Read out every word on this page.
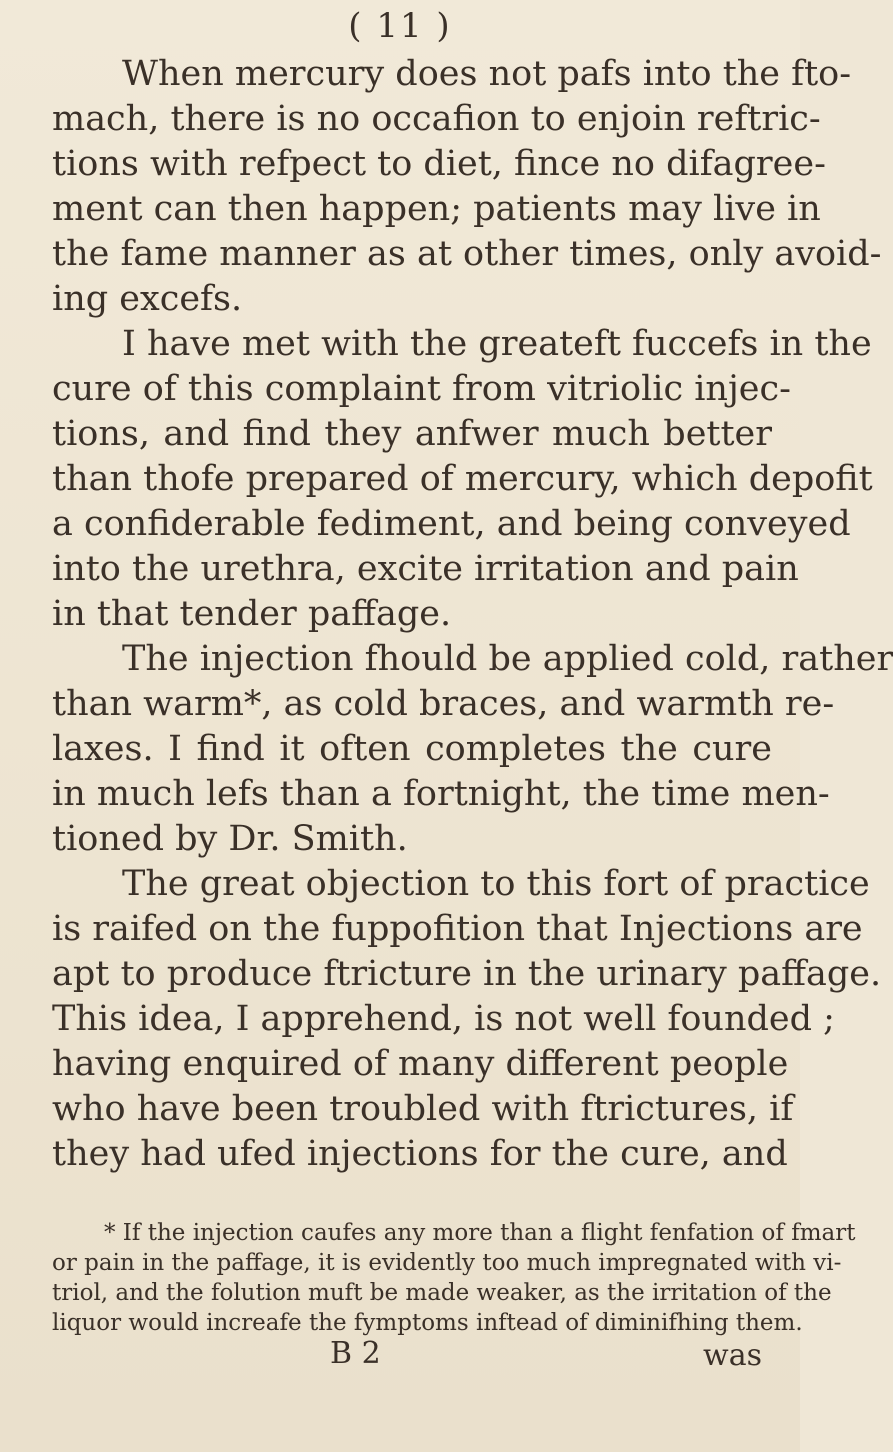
( 11 )
When mercury does not pafs into the fto-
mach, there is no occafion to enjoin reftric-
tions with refpect to diet, fince no difagree-
ment can then happen; patients may live in
the fame manner as at other times, only avoid-
ing excefs.
I have met with the greateft fuccefs in the
cure of this complaint from vitriolic injec-
tions, and find they anfwer much better
than thofe prepared of mercury, which depofit
a confiderable fediment, and being conveyed
into the urethra, excite irritation and pain
in that tender paffage.
The injection fhould be applied cold, rather
than warm*, as cold braces, and warmth re-
laxes. I find it often completes the cure
in much lefs than a fortnight, the time men-
tioned by Dr. Smith.
The great objection to this fort of practice
is raifed on the fuppofition that Injections are
apt to produce ftricture in the urinary paffage.
This idea, I apprehend, is not well founded ;
having enquired of many different people
who have been troubled with ftrictures, if
they had ufed injections for the cure, and
* If the injection caufes any more than a flight fenfation of fmart
or pain in the paffage, it is evidently too much impregnated with vi-
triol, and the folution muft be made weaker, as the irritation of the
liquor would increafe the fymptoms inftead of diminifhing them.
B 2	was
